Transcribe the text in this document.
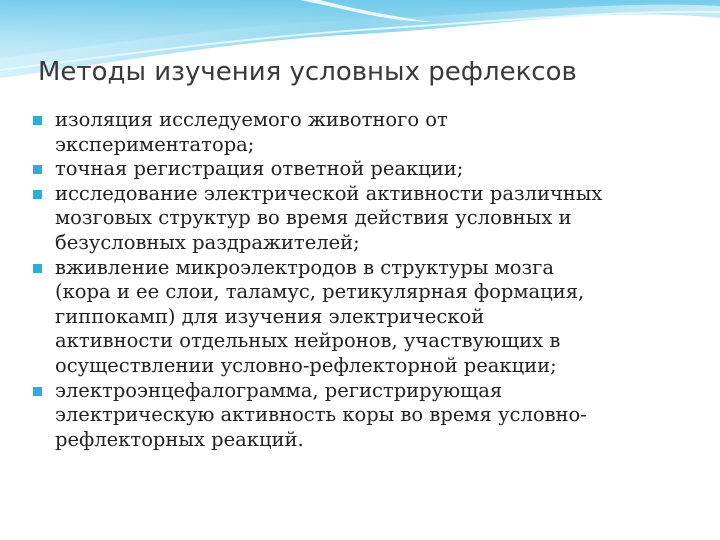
Методы изучения условных рефлексов
изоляция исследуемого животного от
экспериментатора;
точная регистрация ответной реакции;
исследование электрической активности различных
мозговых структур во время действия условных и
безусловных раздражителей;
вживление микроэлектродов в структуры мозга
(кора и ее слои, таламус, ретикулярная формация,
гиппокамп) для изучения электрической
активности отдельных нейронов, участвующих в
осуществлении условно-рефлекторной реакции;
электроэнцефалограмма, регистрирующая
электрическую активность коры во время условно-
рефлекторных реакций.
